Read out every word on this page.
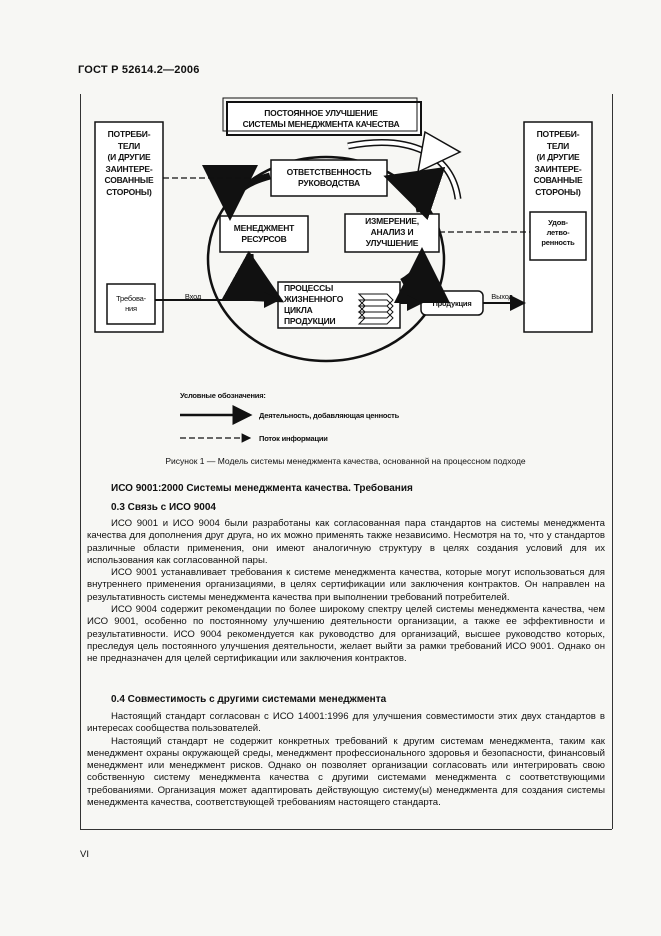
ГОСТ Р 52614.2—2006
ПОСТОЯННОЕ УЛУЧШЕНИЕ
СИСТЕМЫ МЕНЕДЖМЕНТА КАЧЕСТВА
ПОТРЕБИ-
ТЕЛИ
(И ДРУГИЕ
ЗАИНТЕРЕ-
СОВАННЫЕ
СТОРОНЫ)
ПОТРЕБИ-
ТЕЛИ
(И ДРУГИЕ
ЗАИНТЕРЕ-
СОВАННЫЕ
СТОРОНЫ)
Требова-
ния
Удов-
летво-
ренность
ОТВЕТСТВЕННОСТЬ
РУКОВОДСТВА
МЕНЕДЖМЕНТ
РЕСУРСОВ
ИЗМЕРЕНИЕ,
АНАЛИЗ И
УЛУЧШЕНИЕ
ПРОЦЕССЫ
ЖИЗНЕННОГО
ЦИКЛА
ПРОДУКЦИИ
Продукция
Вход	Выход
Условные обозначения:
Деятельность, добавляющая ценность
Поток информации
Рисунок 1 — Модель системы менеджмента качества, основанной на процессном подходе
ИСО 9001:2000 Системы менеджмента качества. Требования
0.3 Связь с ИСО 9004

ИСО 9001 и ИСО 9004 были разработаны как согласованная пара стандартов на системы менеджмента качества для дополнения друг друга, но их можно применять также независимо. Несмотря на то, что у стандартов различные области применения, они имеют аналогичную структуру в целях создания условий для их использования как согласованной пары.

ИСО 9001 устанавливает требования к системе менеджмента качества, которые могут использоваться для внутреннего применения организациями, в целях сертификации или заключения контрактов. Он направлен на результативность системы менеджмента качества при выполнении требований потребителей.

ИСО 9004 содержит рекомендации по более широкому спектру целей системы менеджмента качества, чем ИСО 9001, особенно по постоянному улучшению деятельности организации, а также ее эффективности и результативности. ИСО 9004 рекомендуется как руководство для организаций, высшее руководство которых, преследуя цель постоянного улучшения деятельности, желает выйти за рамки требований ИСО 9001. Однако он не предназначен для целей сертификации или заключения контрактов.

0.4 Совместимость с другими системами менеджмента

Настоящий стандарт согласован с ИСО 14001:1996 для улучшения совместимости этих двух стандартов в интересах сообщества пользователей.

Настоящий стандарт не содержит конкретных требований к другим системам менеджмента, таким как менеджмент охраны окружающей среды, менеджмент профессионального здоровья и безопасности, финансовый менеджмент или менеджмент рисков. Однако он позволяет организации согласовать или интегрировать свою собственную систему менеджмента качества с другими системами менеджмента с соответствующими требованиями. Организация может адаптировать действующую систему(ы) менеджмента для создания системы менеджмента качества, соответствующей требованиям настоящего стандарта.

VI
